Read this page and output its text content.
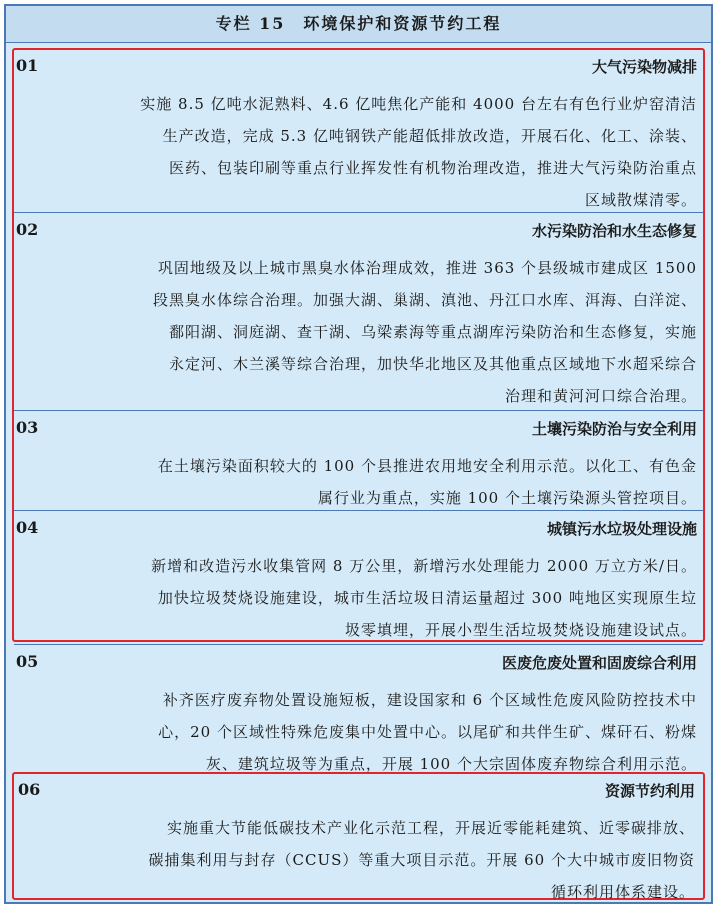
专栏 15　环境保护和资源节约工程
01	大气污染物减排
实施 8.5 亿吨水泥熟料、4.6 亿吨焦化产能和 4000 台左右有色行业炉窑清洁
生产改造，完成 5.3 亿吨钢铁产能超低排放改造，开展石化、化工、涂装、
医药、包装印刷等重点行业挥发性有机物治理改造，推进大气污染防治重点
区域散煤清零。
02	水污染防治和水生态修复
巩固地级及以上城市黑臭水体治理成效，推进 363 个县级城市建成区 1500
段黑臭水体综合治理。加强大湖、巢湖、滇池、丹江口水库、洱海、白洋淀、
鄱阳湖、洞庭湖、查干湖、乌梁素海等重点湖库污染防治和生态修复，实施
永定河、木兰溪等综合治理，加快华北地区及其他重点区域地下水超采综合
治理和黄河河口综合治理。
03	土壤污染防治与安全利用
在土壤污染面积较大的 100 个县推进农用地安全利用示范。以化工、有色金
属行业为重点，实施 100 个土壤污染源头管控项目。
04	城镇污水垃圾处理设施
新增和改造污水收集管网 8 万公里，新增污水处理能力 2000 万立方米/日。
加快垃圾焚烧设施建设，城市生活垃圾日清运量超过 300 吨地区实现原生垃
圾零填埋，开展小型生活垃圾焚烧设施建设试点。
05	医废危废处置和固废综合利用
补齐医疗废弃物处置设施短板，建设国家和 6 个区域性危废风险防控技术中
心，20 个区域性特殊危废集中处置中心。以尾矿和共伴生矿、煤矸石、粉煤
灰、建筑垃圾等为重点，开展 100 个大宗固体废弃物综合利用示范。
06	资源节约利用
实施重大节能低碳技术产业化示范工程，开展近零能耗建筑、近零碳排放、
碳捕集利用与封存（CCUS）等重大项目示范。开展 60 个大中城市废旧物资
循环利用体系建设。
